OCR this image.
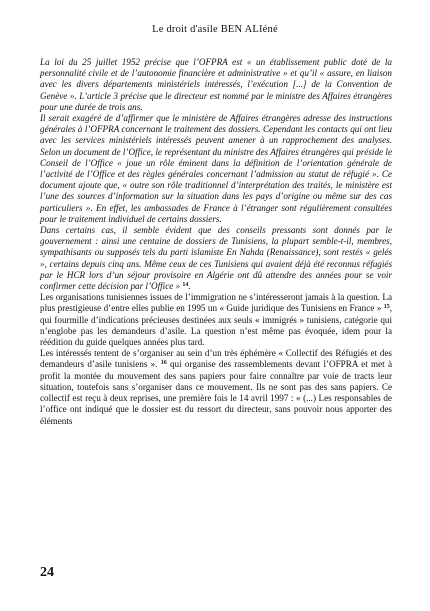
Le droit d'asile BEN ALIéné

La loi du 25 juillet 1952 précise que l’OFPRA est « un établissement public doté de la personnalité civile et de l’autonomie financière et administrative » et qu’il « assure, en liaison avec les divers départements ministériels intéressés, l’exécution [...] de la Convention de Genève ». L’article 3 précise que le directeur est nommé par le ministre des Affaires étrangères pour une durée de trois ans.

Il serait exagéré de d’affirmer que le ministère de Affaires étrangères adresse des instructions générales à l’OFPRA concernant le traitement des dossiers. Cependant les contacts qui ont lieu avec les services ministériels intéressés peuvent amener à un rapprochement des analyses. Selon un document de l’Office, le représentant du ministre des Affaires étrangères qui préside le Conseil de l’Office « joue un rôle éminent dans la définition de l’orientation générale de l’activité de l’Office et des règles générales concernant l’admission au statut de réfugié ». Ce document ajoute que, « outre son rôle traditionnel d’interprétation des traités, le ministère est l’une des sources d’information sur la situation dans les pays d’origine ou même sur des cas particuliers ». En effet, les ambassades de France à l’étranger sont régulièrement consultées pour le traitement individuel de certains dossiers.

Dans certains cas, il semble évident que des conseils pressants sont donnés par le gouvernement : ainsi une centaine de dossiers de Tunisiens, la plupart semble-t-il, membres, sympathisants ou supposés tels du parti islamiste En Nahda (Renaissance), sont restés « gelés », certains depuis cinq ans. Même ceux de ces Tunisiens qui avaient déjà été reconnus réfugiés par le HCR lors d’un séjour provisoire en Algérie ont dû attendre des années pour se voir confirmer cette décision par l’Office » $^{14}$.

Les organisations tunisiennes issues de l’immigration ne s’intéresseront jamais à la question. La plus prestigieuse d’entre elles publie en 1995 un « Guide juridique des Tunisiens en France » $^{15}$, qui fourmille d’indications précieuses destinées aux seuls « immigrés » tunisiens, catégorie qui n’englobe pas les demandeurs d’asile. La question n’est même pas évoquée, idem pour la réédition du guide quelques années plus tard.

Les intéressés tentent de s’organiser au sein d’un très éphémère « Collectif des Réfugiés et des demandeurs d’asile tunisiens ». $^{16}$ qui organise des rassemblements devant l’OFPRA et met à profit la montée du mouvement des sans papiers pour faire connaître par voie de tracts leur situation, toutefois sans s’organiser dans ce mouvement. Ils ne sont pas des sans papiers. Ce collectif est reçu à deux reprises, une première fois le 14 avril 1997 : « (...) Les responsables de l’office ont indiqué que le dossier est du ressort du directeur, sans pouvoir nous apporter des éléments

24
